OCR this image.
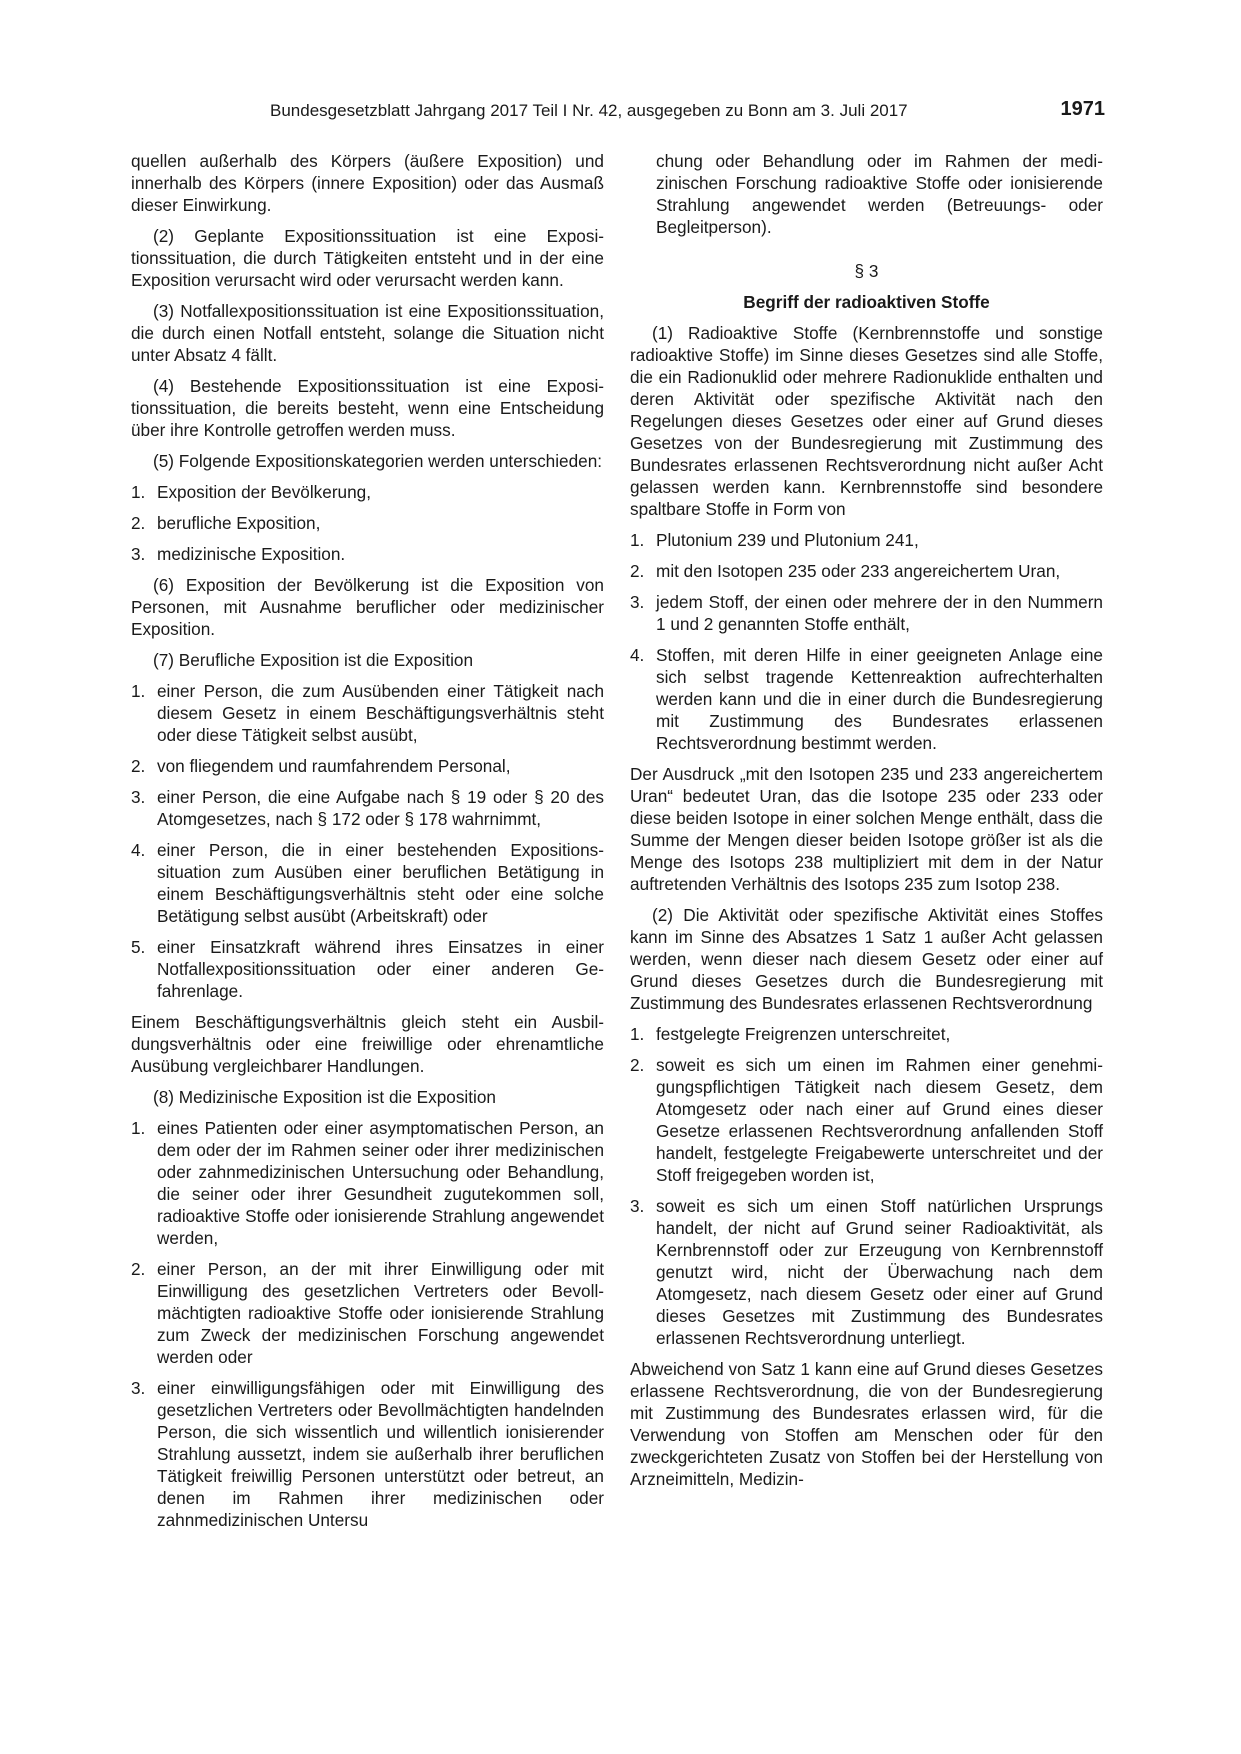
Bundesgesetzblatt Jahrgang 2017 Teil I Nr. 42, ausgegeben zu Bonn am 3. Juli 2017	1971

quellen außerhalb des Körpers (äußere Exposition) und innerhalb des Körpers (innere Exposition) oder das Ausmaß dieser Einwirkung.

(2) Geplante Expositionssituation ist eine Expositionssituation, die durch Tätigkeiten entsteht und in der eine Exposition verursacht wird oder verursacht werden kann.

(3) Notfallexpositionssituation ist eine Expositionssituation, die durch einen Notfall entsteht, solange die Situation nicht unter Absatz 4 fällt.

(4) Bestehende Expositionssituation ist eine Expositionssituation, die bereits besteht, wenn eine Entscheidung über ihre Kontrolle getroffen werden muss.

(5) Folgende Expositionskategorien werden unterschieden:

1. Exposition der Bevölkerung,
2. berufliche Exposition,
3. medizinische Exposition.

(6) Exposition der Bevölkerung ist die Exposition von Personen, mit Ausnahme beruflicher oder medizinischer Exposition.

(7) Berufliche Exposition ist die Exposition

1. einer Person, die zum Ausübenden einer Tätigkeit nach diesem Gesetz in einem Beschäftigungsverhältnis steht oder diese Tätigkeit selbst ausübt,
2. von fliegendem und raumfahrendem Personal,
3. einer Person, die eine Aufgabe nach § 19 oder § 20 des Atomgesetzes, nach § 172 oder § 178 wahrnimmt,
4. einer Person, die in einer bestehenden Expositionssituation zum Ausüben einer beruflichen Betätigung in einem Beschäftigungsverhältnis steht oder eine solche Betätigung selbst ausübt (Arbeitskraft) oder
5. einer Einsatzkraft während ihres Einsatzes in einer Notfallexpositionssituation oder einer anderen Gefahrenlage.

Einem Beschäftigungsverhältnis gleich steht ein Ausbildungsverhältnis oder eine freiwillige oder ehrenamtliche Ausübung vergleichbarer Handlungen.

(8) Medizinische Exposition ist die Exposition

1. eines Patienten oder einer asymptomatischen Person, an dem oder der im Rahmen seiner oder ihrer medizinischen oder zahnmedizinischen Untersuchung oder Behandlung, die seiner oder ihrer Gesundheit zugutekommen soll, radioaktive Stoffe oder ionisierende Strahlung angewendet werden,
2. einer Person, an der mit ihrer Einwilligung oder mit Einwilligung des gesetzlichen Vertreters oder Bevollmächtigten radioaktive Stoffe oder ionisierende Strahlung zum Zweck der medizinischen Forschung angewendet werden oder
3. einer einwilligungsfähigen oder mit Einwilligung des gesetzlichen Vertreters oder Bevollmächtigten handelnden Person, die sich wissentlich und willentlich ionisierender Strahlung aussetzt, indem sie außerhalb ihrer beruflichen Tätigkeit freiwillig Personen unterstützt oder betreut, an denen im Rahmen ihrer medizinischen oder zahnmedizinischen Untersu
chung oder Behandlung oder im Rahmen der medizinischen Forschung radioaktive Stoffe oder ionisierende Strahlung angewendet werden (Betreuungs- oder Begleitperson).
§ 3
Begriff der radioaktiven Stoffe

(1) Radioaktive Stoffe (Kernbrennstoffe und sonstige radioaktive Stoffe) im Sinne dieses Gesetzes sind alle Stoffe, die ein Radionuklid oder mehrere Radionuklide enthalten und deren Aktivität oder spezifische Aktivität nach den Regelungen dieses Gesetzes oder einer auf Grund dieses Gesetzes von der Bundesregierung mit Zustimmung des Bundesrates erlassenen Rechtsverordnung nicht außer Acht gelassen werden kann. Kernbrennstoffe sind besondere spaltbare Stoffe in Form von

1. Plutonium 239 und Plutonium 241,
2. mit den Isotopen 235 oder 233 angereichertem Uran,
3. jedem Stoff, der einen oder mehrere der in den Nummern 1 und 2 genannten Stoffe enthält,
4. Stoffen, mit deren Hilfe in einer geeigneten Anlage eine sich selbst tragende Kettenreaktion aufrechterhalten werden kann und die in einer durch die Bundesregierung mit Zustimmung des Bundesrates erlassenen Rechtsverordnung bestimmt werden.

Der Ausdruck „mit den Isotopen 235 und 233 angereichertem Uran“ bedeutet Uran, das die Isotope 235 oder 233 oder diese beiden Isotope in einer solchen Menge enthält, dass die Summe der Mengen dieser beiden Isotope größer ist als die Menge des Isotops 238 multipliziert mit dem in der Natur auftretenden Verhältnis des Isotops 235 zum Isotop 238.

(2) Die Aktivität oder spezifische Aktivität eines Stoffes kann im Sinne des Absatzes 1 Satz 1 außer Acht gelassen werden, wenn dieser nach diesem Gesetz oder einer auf Grund dieses Gesetzes durch die Bundesregierung mit Zustimmung des Bundesrates erlassenen Rechtsverordnung

1. festgelegte Freigrenzen unterschreitet,
2. soweit es sich um einen im Rahmen einer genehmigungspflichtigen Tätigkeit nach diesem Gesetz, dem Atomgesetz oder nach einer auf Grund eines dieser Gesetze erlassenen Rechtsverordnung anfallenden Stoff handelt, festgelegte Freigabewerte unterschreitet und der Stoff freigegeben worden ist,
3. soweit es sich um einen Stoff natürlichen Ursprungs handelt, der nicht auf Grund seiner Radioaktivität, als Kernbrennstoff oder zur Erzeugung von Kernbrennstoff genutzt wird, nicht der Überwachung nach dem Atomgesetz, nach diesem Gesetz oder einer auf Grund dieses Gesetzes mit Zustimmung des Bundesrates erlassenen Rechtsverordnung unterliegt.

Abweichend von Satz 1 kann eine auf Grund dieses Gesetzes erlassene Rechtsverordnung, die von der Bundesregierung mit Zustimmung des Bundesrates erlassen wird, für die Verwendung von Stoffen am Menschen oder für den zweckgerichteten Zusatz von Stoffen bei der Herstellung von Arzneimitteln, Medizin-
